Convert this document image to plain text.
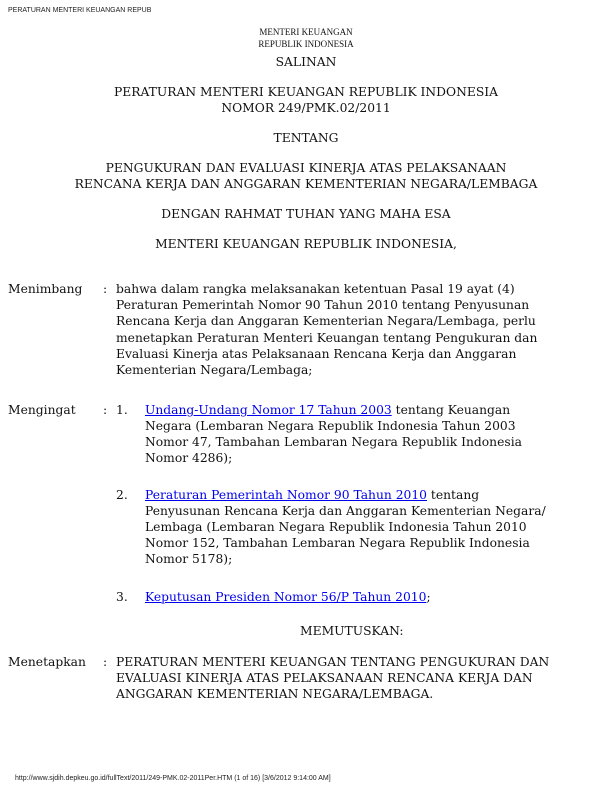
PERATURAN MENTERI KEUANGAN REPUB
MENTERI KEUANGAN
REPUBLIK INDONESIA
SALINAN
PERATURAN MENTERI KEUANGAN REPUBLIK INDONESIA
NOMOR 249/PMK.02/2011
TENTANG
PENGUKURAN DAN EVALUASI KINERJA ATAS PELAKSANAAN
RENCANA KERJA DAN ANGGARAN KEMENTERIAN NEGARA/LEMBAGA
DENGAN RAHMAT TUHAN YANG MAHA ESA
MENTERI KEUANGAN REPUBLIK INDONESIA,
Menimbang : bahwa dalam rangka melaksanakan ketentuan Pasal 19 ayat (4)
Peraturan Pemerintah Nomor 90 Tahun 2010 tentang Penyusunan
Rencana Kerja dan Anggaran Kementerian Negara/Lembaga, perlu
menetapkan Peraturan Menteri Keuangan tentang Pengukuran dan
Evaluasi Kinerja atas Pelaksanaan Rencana Kerja dan Anggaran
Kementerian Negara/Lembaga;
Mengingat : 1. Undang-Undang Nomor 17 Tahun 2003 tentang Keuangan
Negara (Lembaran Negara Republik Indonesia Tahun 2003
Nomor 47, Tambahan Lembaran Negara Republik Indonesia
Nomor 4286);
2. Peraturan Pemerintah Nomor 90 Tahun 2010 tentang
Penyusunan Rencana Kerja dan Anggaran Kementerian Negara/
Lembaga (Lembaran Negara Republik Indonesia Tahun 2010
Nomor 152, Tambahan Lembaran Negara Republik Indonesia
Nomor 5178);
3. Keputusan Presiden Nomor 56/P Tahun 2010;
MEMUTUSKAN:
Menetapkan : PERATURAN MENTERI KEUANGAN TENTANG PENGUKURAN DAN
EVALUASI KINERJA ATAS PELAKSANAAN RENCANA KERJA DAN
ANGGARAN KEMENTERIAN NEGARA/LEMBAGA.
http://www.sjdih.depkeu.go.id/fullText/2011/249-PMK.02-2011Per.HTM (1 of 16) [3/6/2012 9:14:00 AM]
